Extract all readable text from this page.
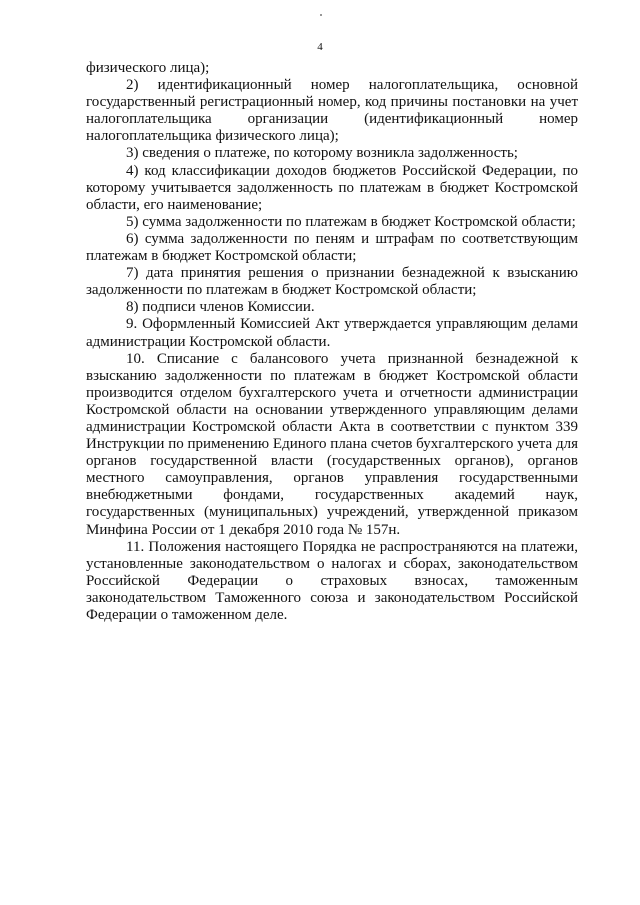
4

физического лица);

2) идентификационный номер налогоплательщика, основной государственный регистрационный номер, код причины постановки на учет налогоплательщика организации (идентификационный номер налогоплательщика физического лица);

3) сведения о платеже, по которому возникла задолженность;

4) код классификации доходов бюджетов Российской Федерации, по которому учитывается задолженность по платежам в бюджет Костромской области, его наименование;

5) сумма задолженности по платежам в бюджет Костромской области;

6) сумма задолженности по пеням и штрафам по соответствующим платежам в бюджет Костромской области;

7) дата принятия решения о признании безнадежной к взысканию задолженности по платежам в бюджет Костромской области;

8) подписи членов Комиссии.

9. Оформленный Комиссией Акт утверждается управляющим делами администрации Костромской области.

10. Списание с балансового учета признанной безнадежной к взысканию задолженности по платежам в бюджет Костромской области производится отделом бухгалтерского учета и отчетности администрации Костромской области на основании утвержденного управляющим делами администрации Костромской области Акта в соответствии с пунктом 339 Инструкции по применению Единого плана счетов бухгалтерского учета для органов государственной власти (государственных органов), органов местного самоуправления, органов управления государственными внебюджетными фондами, государственных академий наук, государственных (муниципальных) учреждений, утвержденной приказом Минфина России от 1 декабря 2010 года № 157н.

11. Положения настоящего Порядка не распространяются на платежи, установленные законодательством о налогах и сборах, законодательством Российской Федерации о страховых взносах, таможенным законодательством Таможенного союза и законодательством Российской Федерации о таможенном деле.
